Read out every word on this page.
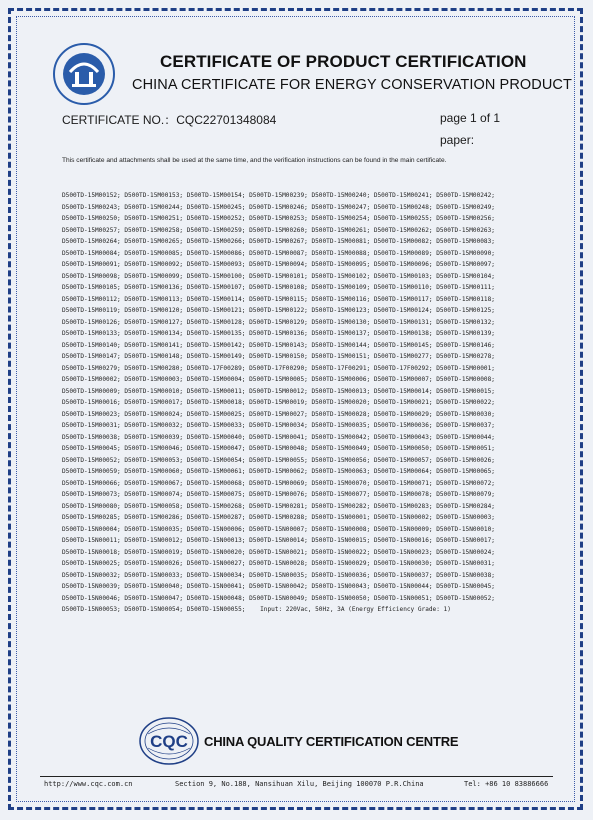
CERTIFICATE OF PRODUCT CERTIFICATION
CHINA CERTIFICATE FOR ENERGY CONSERVATION PRODUCT
CERTIFICATE NO.：CQC22701348084	page 1 of 1
paper:
This certificate and attachments shall be used at the same time, and the verification instructions can be found in the main certificate.
D500TD-15M00152; D500TD-15M00153; D500TD-15M00154; D500TD-15M00239; D500TD-15M00240; D500TD-15M00241; D500TD-15M00242;
D500TD-15M00243; D500TD-15M00244; D500TD-15M00245; D500TD-15M00246; D500TD-15M00247; D500TD-15M00248; D500TD-15M00249;
D500TD-15M00250; D500TD-15M00251; D500TD-15M00252; D500TD-15M00253; D500TD-15M00254; D500TD-15M00255; D500TD-15M00256;
D500TD-15M00257; D500TD-15M00258; D500TD-15M00259; D500TD-15M00260; D500TD-15M00261; D500TD-15M00262; D500TD-15M00263;
D500TD-15M00264; D500TD-15M00265; D500TD-15M00266; D500TD-15M00267; D500TD-15M00081; D500TD-15M00082; D500TD-15M00083;
D500TD-15M00084; D500TD-15M00085; D500TD-15M00086; D500TD-15M00087; D500TD-15M00088; D500TD-15M00089; D500TD-15M00090;
D500TD-15M00091; D500TD-15M00092; D500TD-15M00093; D500TD-15M00094; D500TD-15M00095; D500TD-15M00096; D500TD-15M00097;
D500TD-15M00098; D500TD-15M00099; D500TD-15M00100; D500TD-15M00101; D500TD-15M00102; D500TD-15M00103; D500TD-15M00104;
D500TD-15M00105; D500TD-15M00136; D500TD-15M00107; D500TD-15M00108; D500TD-15M00109; D500TD-15M00110; D500TD-15M00111;
D500TD-15M00112; D500TD-15M00113; D500TD-15M00114; D500TD-15M00115; D500TD-15M00116; D500TD-15M00117; D500TD-15M00118;
D500TD-15M00119; D500TD-15M00120; D500TD-15M00121; D500TD-15M00122; D500TD-15M00123; D500TD-15M00124; D500TD-15M00125;
D500TD-15M00126; D500TD-15M00127; D500TD-15M00128; D500TD-15M00129; D500TD-15M00130; D500TD-15M00131; D500TD-15M00132;
D500TD-15M00133; D500TD-15M00134; D500TD-15M00135; D500TD-15M00136; D500TD-15M00137; D500TD-15M00138; D500TD-15M00139;
D500TD-15M00140; D500TD-15M00141; D500TD-15M00142; D500TD-15M00143; D500TD-15M00144; D500TD-15M00145; D500TD-15M00146;
D500TD-15M00147; D500TD-15M00148; D500TD-15M00149; D500TD-15M00150; D500TD-15M00151; D500TD-15M00277; D500TD-15M00278;
D500TD-15M00279; D500TD-15M00280; D500TD-17F00289; D500TD-17F00290; D500TD-17F00291; D500TD-17F00292; D500TD-15M00001;
D500TD-15M00002; D500TD-15M00003; D500TD-15M00004; D500TD-15M00005; D500TD-15M00006; D500TD-15M00007; D500TD-15M00008;
D500TD-15M00009; D500TD-15M00010; D500TD-15M00011; D500TD-15M00012; D500TD-15M00013; D500TD-15M00014; D500TD-15M00015;
D500TD-15M00016; D500TD-15M00017; D500TD-15M00018; D500TD-15M00019; D500TD-15M00020; D500TD-15M00021; D500TD-15M00022;
D500TD-15M00023; D500TD-15M00024; D500TD-15M00025; D500TD-15M00027; D500TD-15M00028; D500TD-15M00029; D500TD-15M00030;
D500TD-15M00031; D500TD-15M00032; D500TD-15M00033; D500TD-15M00034; D500TD-15M00035; D500TD-15M00036; D500TD-15M00037;
D500TD-15M00038; D500TD-15M00039; D500TD-15M00040; D500TD-15M00041; D500TD-15M00042; D500TD-15M00043; D500TD-15M00044;
D500TD-15M00045; D500TD-15M00046; D500TD-15M00047; D500TD-15M00048; D500TD-15M00049; D500TD-15M00050; D500TD-15M00051;
D500TD-15M00052; D500TD-15M00053; D500TD-15M00054; D500TD-15M00055; D500TD-15M00056; D500TD-15M00057; D500TD-15M00026;
D500TD-15M00059; D500TD-15M00060; D500TD-15M00061; D500TD-15M00062; D500TD-15M00063; D500TD-15M00064; D500TD-15M00065;
D500TD-15M00066; D500TD-15M00067; D500TD-15M00068; D500TD-15M00069; D500TD-15M00070; D500TD-15M00071; D500TD-15M00072;
D500TD-15M00073; D500TD-15M00074; D500TD-15M00075; D500TD-15M00076; D500TD-15M00077; D500TD-15M00078; D500TD-15M00079;
D500TD-15M00080; D500TD-15M00058; D500TD-15M00268; D500TD-15M00281; D500TD-15M00282; D500TD-15M00283; D500TD-15M00284;
D500TD-15M00285; D500TD-15M00286; D500TD-15M00287; D500TD-15M00288; D500TD-15N00001; D500TD-15N00002; D500TD-15N00003;
D500TD-15N00004; D500TD-15N00035; D500TD-15N00006; D500TD-15N00007; D500TD-15N00008; D500TD-15N00009; D500TD-15N00010;
D500TD-15N00011; D500TD-15N00012; D500TD-15N00013; D500TD-15N00014; D500TD-15N00015; D500TD-15N00016; D500TD-15N00017;
D500TD-15N00018; D500TD-15N00019; D500TD-15N00020; D500TD-15N00021; D500TD-15N00022; D500TD-15N00023; D500TD-15N00024;
D500TD-15N00025; D500TD-15N00026; D500TD-15N00027; D500TD-15N00028; D500TD-15N00029; D500TD-15N00030; D500TD-15N00031;
D500TD-15N00032; D500TD-15N00033; D500TD-15N00034; D500TD-15N00035; D500TD-15N00036; D500TD-15N00037; D500TD-15N00038;
D500TD-15N00039; D500TD-15N00040; D500TD-15N00041; D500TD-15N00042; D500TD-15N00043; D500TD-15N00044; D500TD-15N00045;
D500TD-15N00046; D500TD-15N00047; D500TD-15N00048; D500TD-15N00049; D500TD-15N00050; D500TD-15N00051; D500TD-15N00052;
D500TD-15N00053; D500TD-15N00054; D500TD-15N00055;    Input: 220Vac, 50Hz, 3A (Energy Efficiency Grade: 1)
CQC CHINA QUALITY CERTIFICATION CENTRE
http://www.cqc.com.cn	Section 9, No.188, Nansihuan Xilu, Beijing 100070 P.R.China	Tel: +86 10 83886666
